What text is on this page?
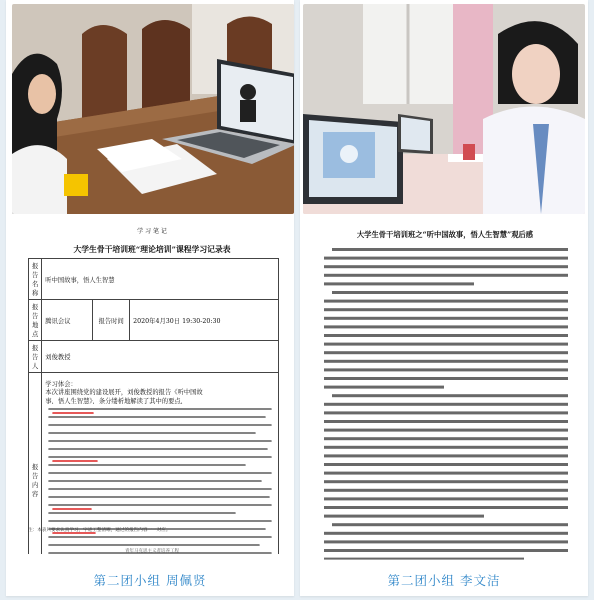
学 习 笔 记
大学生骨干培训班“理论培训”课程学习记录表
报告名称	听中国故事，悟人生智慧		
报告地点	腾讯会议	报告时间	2020年4月30日 19:30-20:30
报告人	刘俊教授		
报告内容	学习体会：
本次讲座围绕党的建设展开，刘俊教授的报告《听中国故
事，悟人生智慧》，条分缕析地解读了其中的要点，		
注：本表只要求认真学习，字迹工整清晰，通过的报告内容一一对应。
青年马克思主义者培养工程
第二团小组 周佩贤
大学生骨干培训班之“听中国故事，悟人生智慧”观后感
第二团小组 李文洁
